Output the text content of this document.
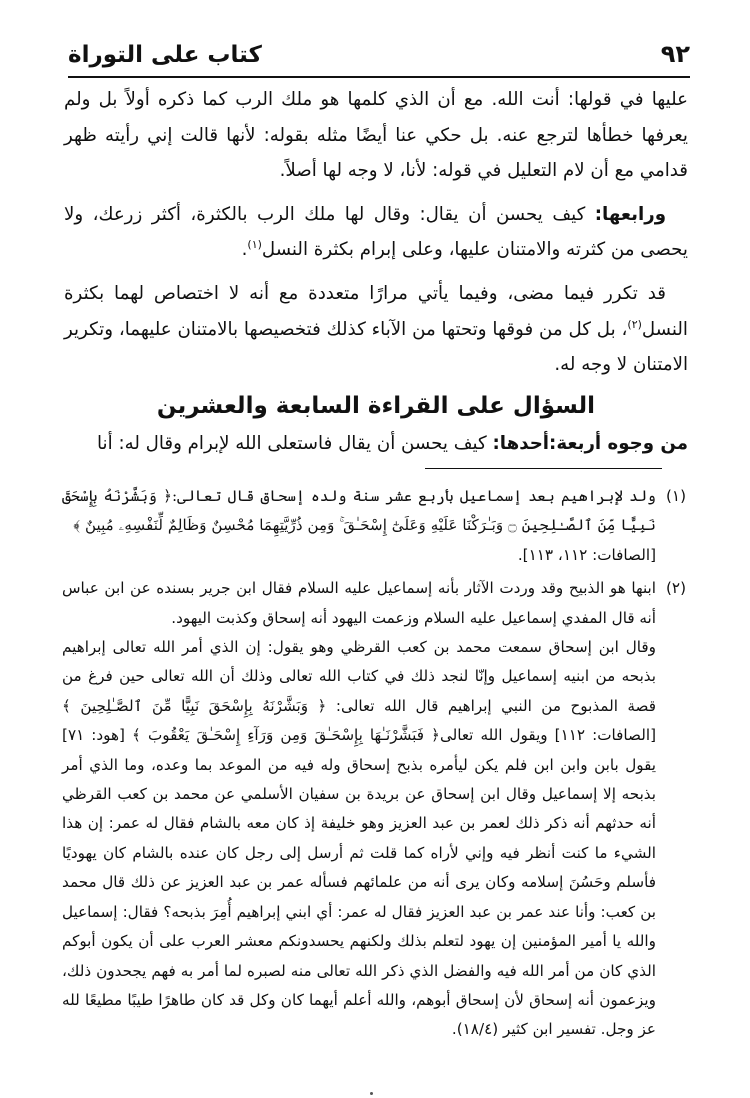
٩٢
كتاب على التوراة

عليها في قولها: أنت الله. مع أن الذي كلمها هو ملك الرب كما ذكره أولاً بل ولم يعرفها خطأها لترجع عنه. بل حكي عنا أيضًا مثله بقوله: لأنها قالت إني رأيته ظهر قدامي مع أن لام التعليل في قوله: لأنا، لا وجه لها أصلاً.

ورابعها: كيف يحسن أن يقال: وقال لها ملك الرب بالكثرة، أكثر زرعك، ولا يحصى من كثرته والامتنان عليها، وعلى إبرام بكثرة النسل$^{(١)}$.

قد تكرر فيما مضى، وفيما يأتي مرارًا متعددة مع أنه لا اختصاص لهما بكثرة النسل$^{(٢)}$، بل كل من فوقها وتحتها من الآباء كذلك فتخصيصها بالامتنان عليهما، وتكرير الامتنان لا وجه له.

السؤال على القراءة السابعة والعشرين

من وجوه أربعة:أحدها: كيف يحسن أن يقال فاستعلى الله لإبرام وقال له: أنا

(١)

ولد لإبراهيم بعد إسماعيل بأربع عشر سنة ولده إسحاق قال تعالى:﴿ وَبَشَّرْنَهُ بِإِسْحَقَ نَبِيًّا مِّنَ ٱلصَّـٰلِحِينَ ۝ وَبَـٰرَكْنَا عَلَيْهِ وَعَلَىٰٓ إِسْحَـٰقَ ۚ وَمِن ذُرِّيَّتِهِمَا مُحْسِنٌ وَظَالِمٌ لِّنَفْسِهِۦ مُبِينٌ ﴾

[الصافات: ١١٢، ١١٣].

(٢)

ابنها هو الذبيح وقد وردت الآثار بأنه إسماعيل عليه السلام فقال ابن جرير بسنده عن ابن عباس أنه قال المفدي إسماعيل عليه السلام وزعمت اليهود أنه إسحاق وكذبت اليهود.

وقال ابن إسحاق سمعت محمد بن كعب القرظي وهو يقول: إن الذي أمر الله تعالى إبراهيم بذبحه من ابنيه إسماعيل وإنّا لنجد ذلك في كتاب الله تعالى وذلك أن الله تعالى حين فرغ من قصة المذبوح من النبي إبراهيم قال الله تعالى: ﴿ وَبَشَّرْنَهُ بِإِسْحَقَ نَبِيًّا مِّنَ ٱلصَّـٰلِحِينَ ﴾ [الصافات: ١١٢] ويقول الله تعالى﴿ فَبَشَّرْنَـٰهَا بِإِسْحَـٰقَ وَمِن وَرَآءِ إِسْحَـٰقَ يَعْقُوبَ ﴾ [هود: ٧١] يقول بابن وابن ابن فلم يكن ليأمره بذبح إسحاق وله فيه من الموعد بما وعده، وما الذي أمر بذبحه إلا إسماعيل وقال ابن إسحاق عن بريدة بن سفيان الأسلمي عن محمد بن كعب القرظي أنه حدثهم أنه ذكر ذلك لعمر بن عبد العزيز وهو خليفة إذ كان معه بالشام فقال له عمر: إن هذا الشيء ما كنت أنظر فيه وإني لأراه كما قلت ثم أرسل إلى رجل كان عنده بالشام كان يهوديًا فأسلم وحَسُنَ إسلامه وكان يرى أنه من علمائهم فسأله عمر بن عبد العزيز عن ذلك قال محمد بن كعب: وأنا عند عمر بن عبد العزيز فقال له عمر: أي ابني إبراهيم أُمِرَ بذبحه؟ فقال: إسماعيل والله يا أمير المؤمنين إن يهود لتعلم بذلك ولكنهم يحسدونكم معشر العرب على أن يكون أبوكم الذي كان من أمر الله فيه والفضل الذي ذكر الله تعالى منه لصبره لما أمر به فهم يجحدون ذلك، ويزعمون أنه إسحاق لأن إسحاق أبوهم، والله أعلم أيهما كان وكل قد كان طاهرًا طيبًا مطيعًا لله عز وجل. تفسير ابن كثير (١٨/٤).
